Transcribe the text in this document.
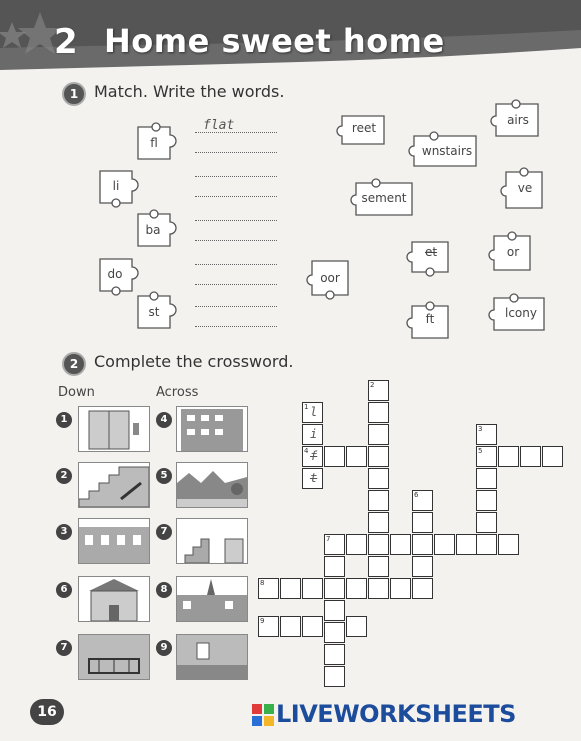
2 Home sweet home
1 Match. Write the words.
fl
li
ba
do
st
flat	reet
airs
wnstairs
ve
sement
et	or
oor
ft	lcony
2 Complete the crossword.
Down	Across
1
2
3
6
7
4
5
7
8
9
1 l
i
f
t
4
2
3
5
6
7
8
9
16	LIVEWORKSHEETS
